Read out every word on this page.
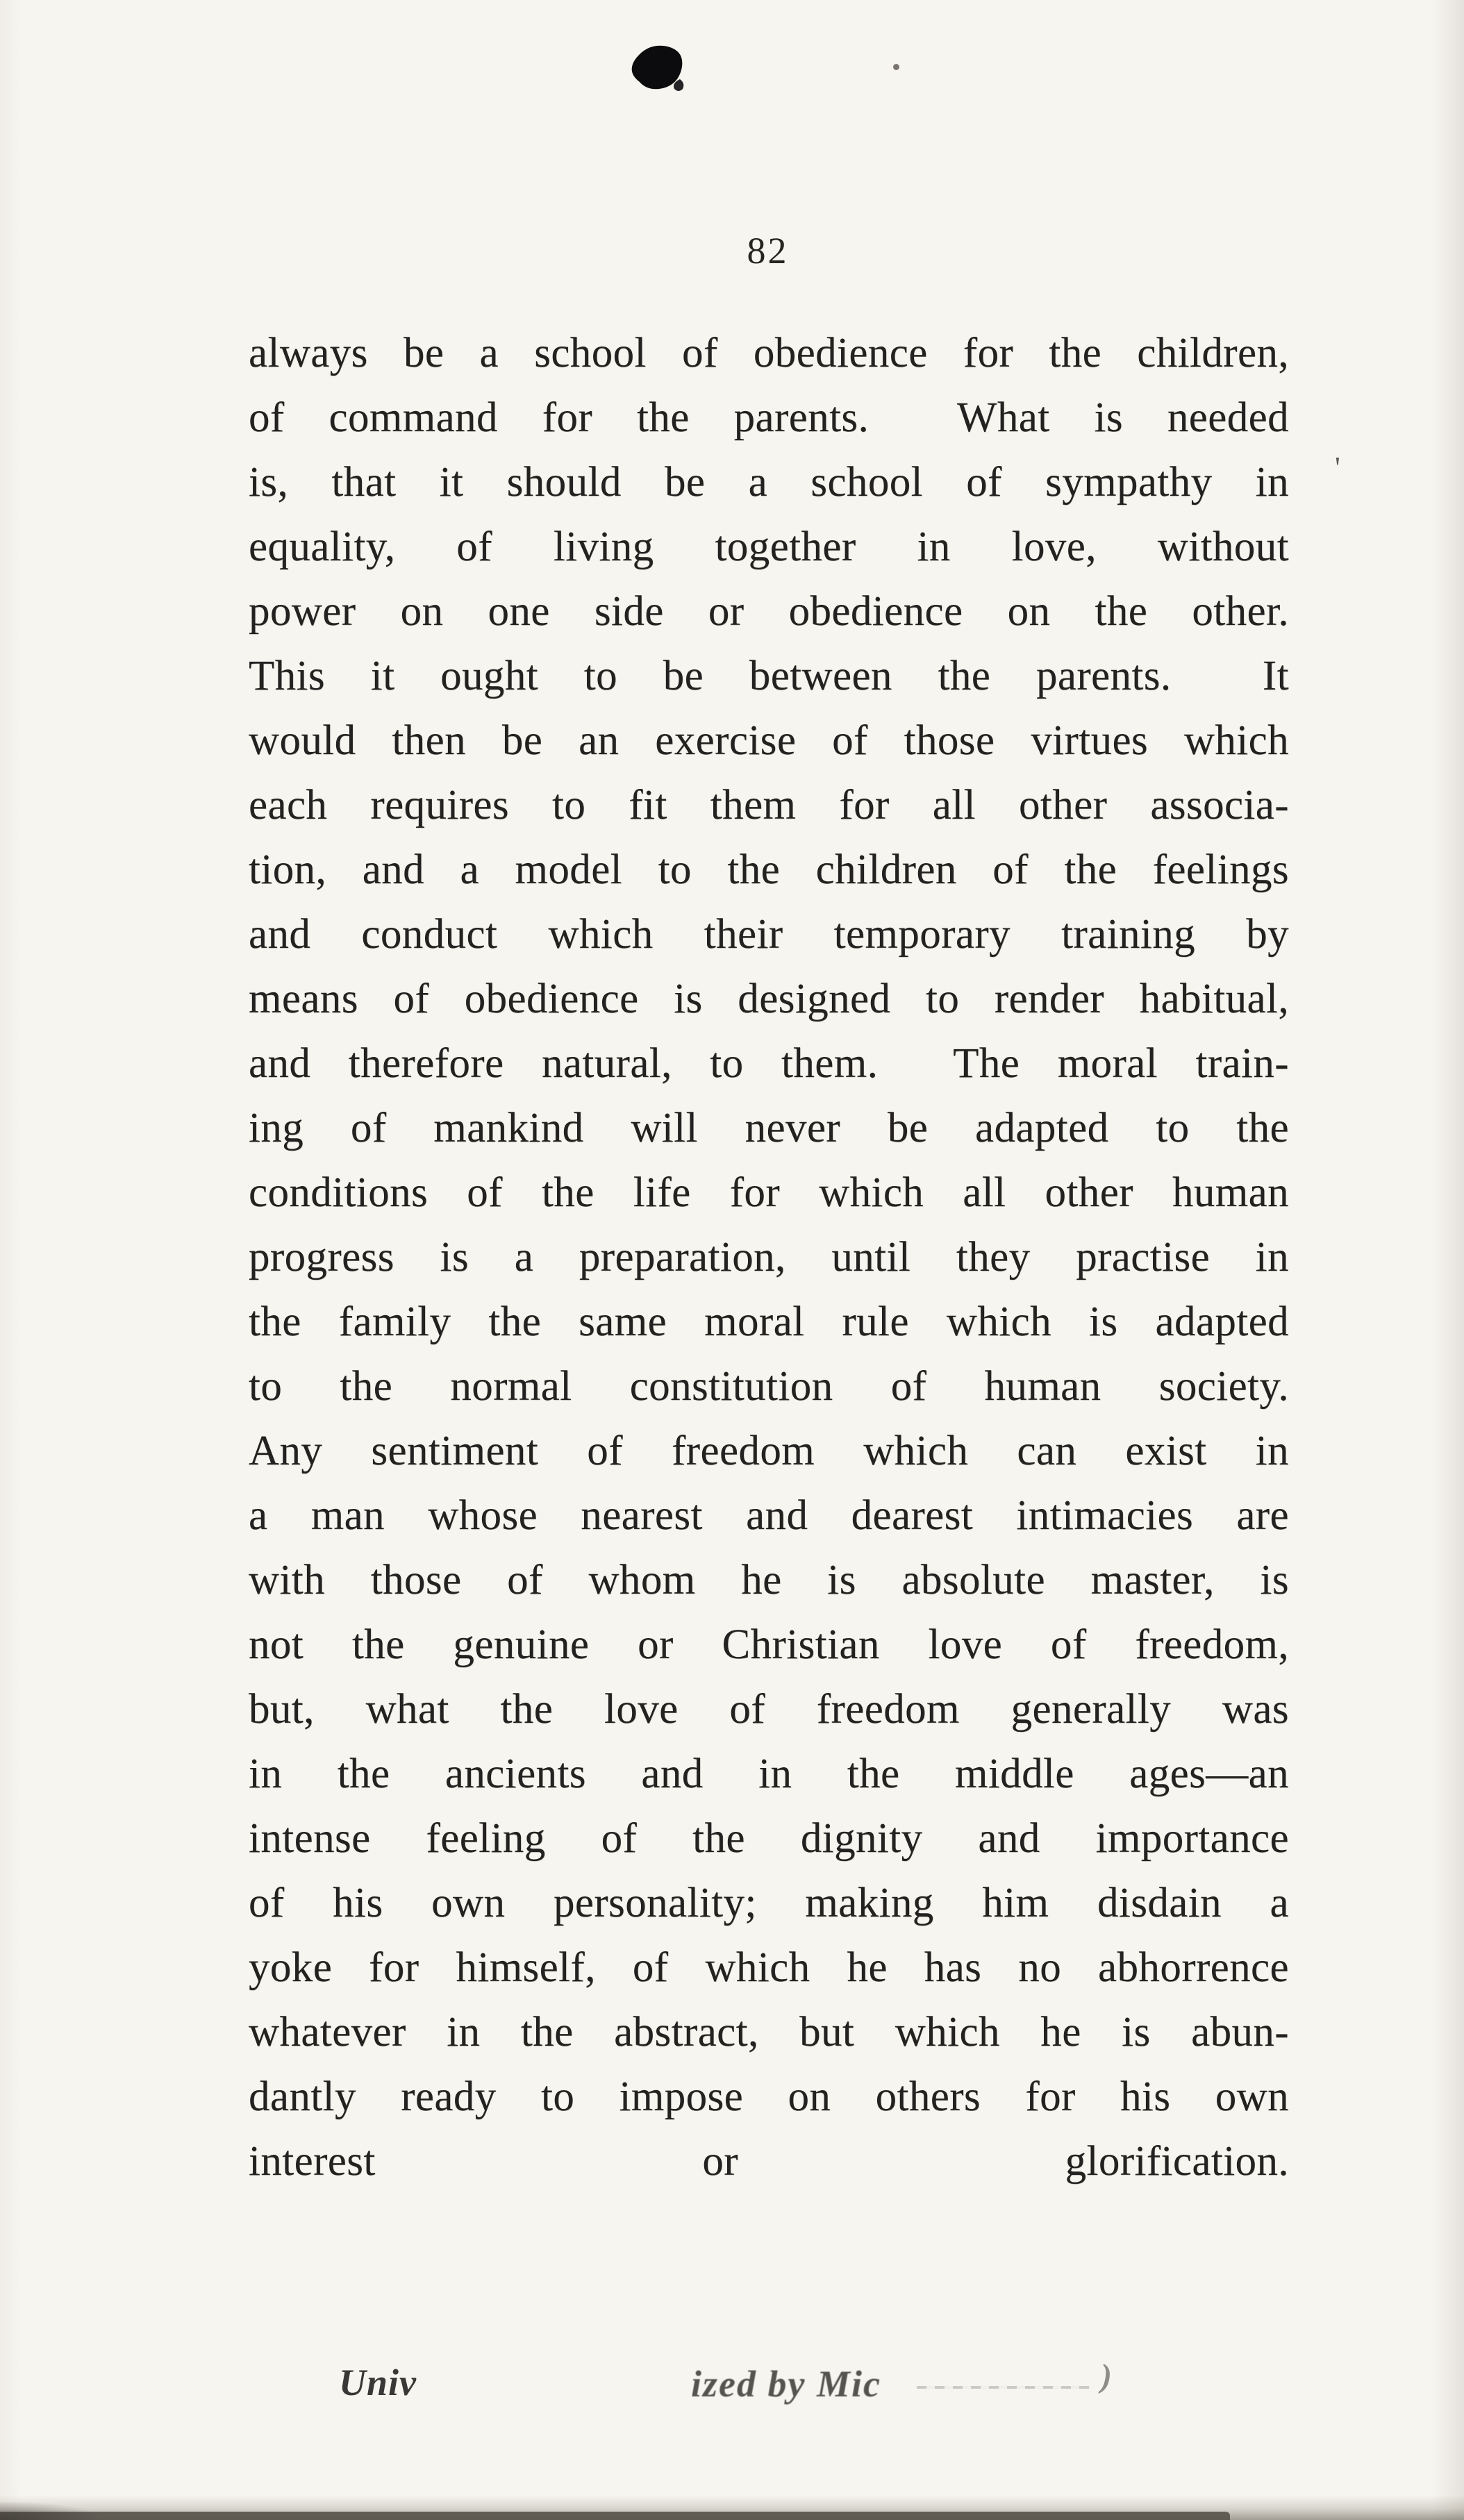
82
'
always be a school of obedience for the children,
of command for the parents.  What is needed
is, that it should be a school of sympathy in
equality, of living together in love, without
power on one side or obedience on the other.
This it ought to be between the parents.  It
would then be an exercise of those virtues which
each requires to fit them for all other associa-
tion, and a model to the children of the feelings
and conduct which their temporary training by
means of obedience is designed to render habitual,
and therefore natural, to them.  The moral train-
ing of mankind will never be adapted to the
conditions of the life for which all other human
progress is a preparation, until they practise in
the family the same moral rule which is adapted
to the normal constitution of human society.
Any sentiment of freedom which can exist in
a man whose nearest and dearest intimacies are
with those of whom he is absolute master, is
not the genuine or Christian love of freedom,
but, what the love of freedom generally was
in the ancients and in the middle ages—an
intense feeling of the dignity and importance
of his own personality; making him disdain a
yoke for himself, of which he has no abhorrence
whatever in the abstract, but which he is abun-
dantly ready to impose on others for his own
interest or glorification.
Univ	ized by Mic	)
